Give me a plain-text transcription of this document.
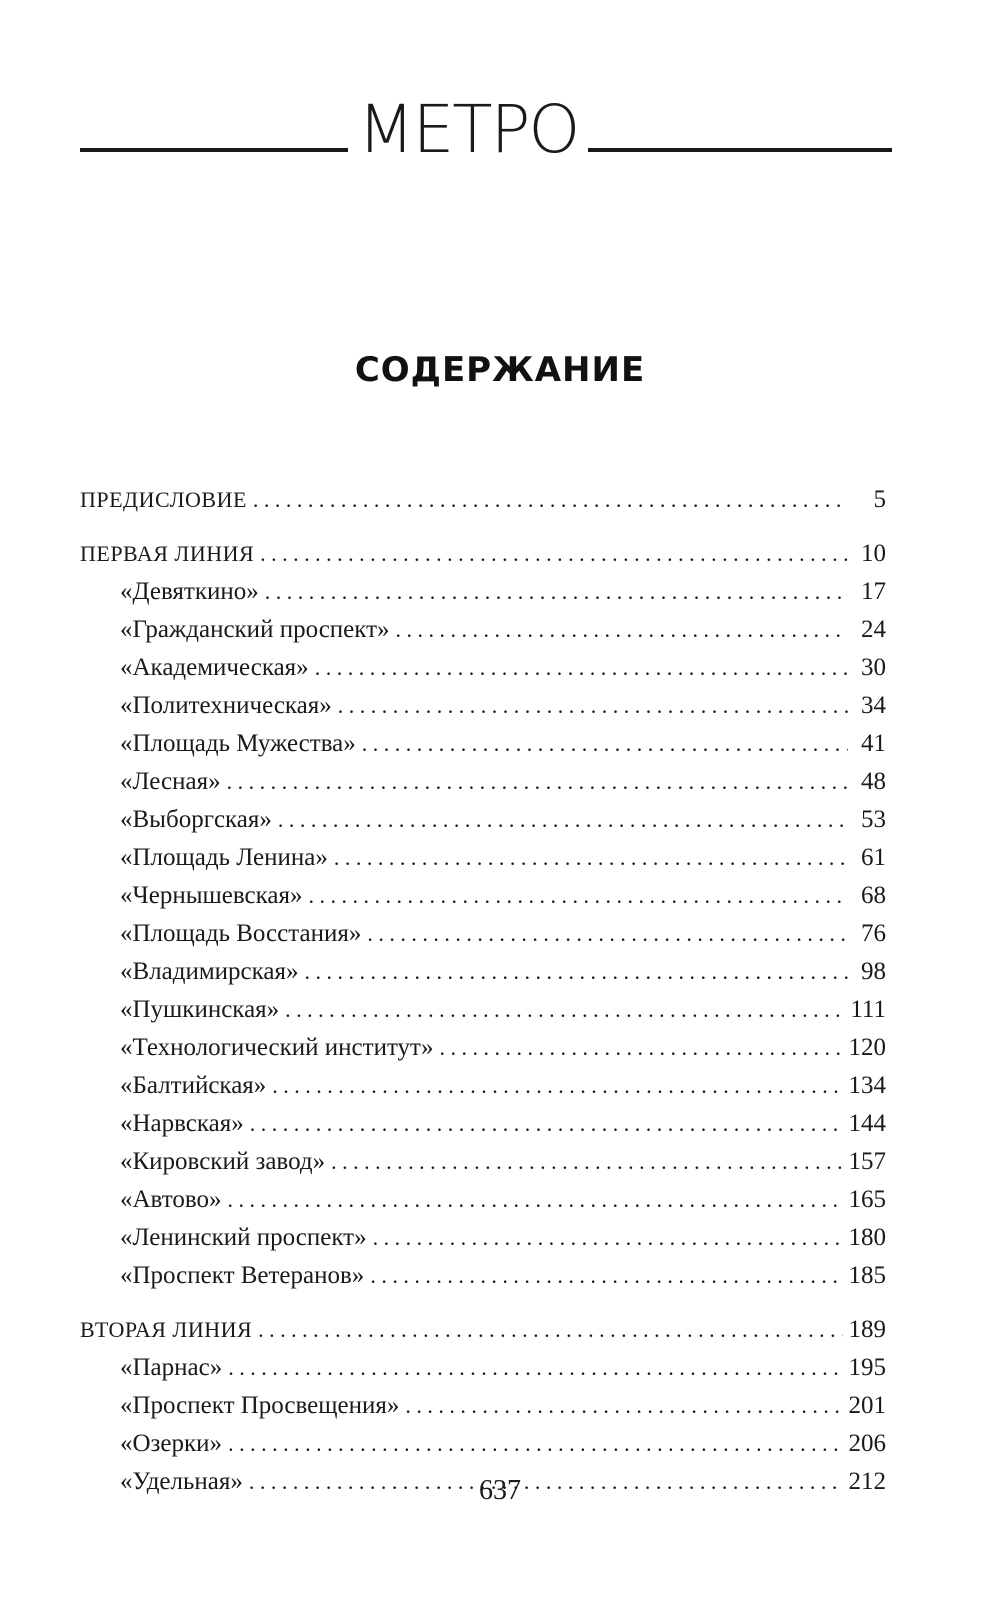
МЕТРО
СОДЕРЖАНИЕ
ПРЕДИСЛОВИЕ . . .	5
ПЕРВАЯ ЛИНИЯ . . .	10
«Девяткино» . . .	17
«Гражданский проспект» . . .	24
«Академическая» . . .	30
«Политехническая» . . .	34
«Площадь Мужества» . . .	41
«Лесная» . . .	48
«Выборгская» . . .	53
«Площадь Ленина» . . .	61
«Чернышевская» . . .	68
«Площадь Восстания» . . .	76
«Владимирская» . . .	98
«Пушкинская» . . .	111
«Технологический институт» . . .	120
«Балтийская» . . .	134
«Нарвская» . . .	144
«Кировский завод» . . .	157
«Автово» . . .	165
«Ленинский проспект» . . .	180
«Проспект Ветеранов» . . .	185
ВТОРАЯ ЛИНИЯ . . .	189
«Парнас» . . .	195
«Проспект Просвещения» . . .	201
«Озерки» . . .	206
«Удельная» . . .	212
637
